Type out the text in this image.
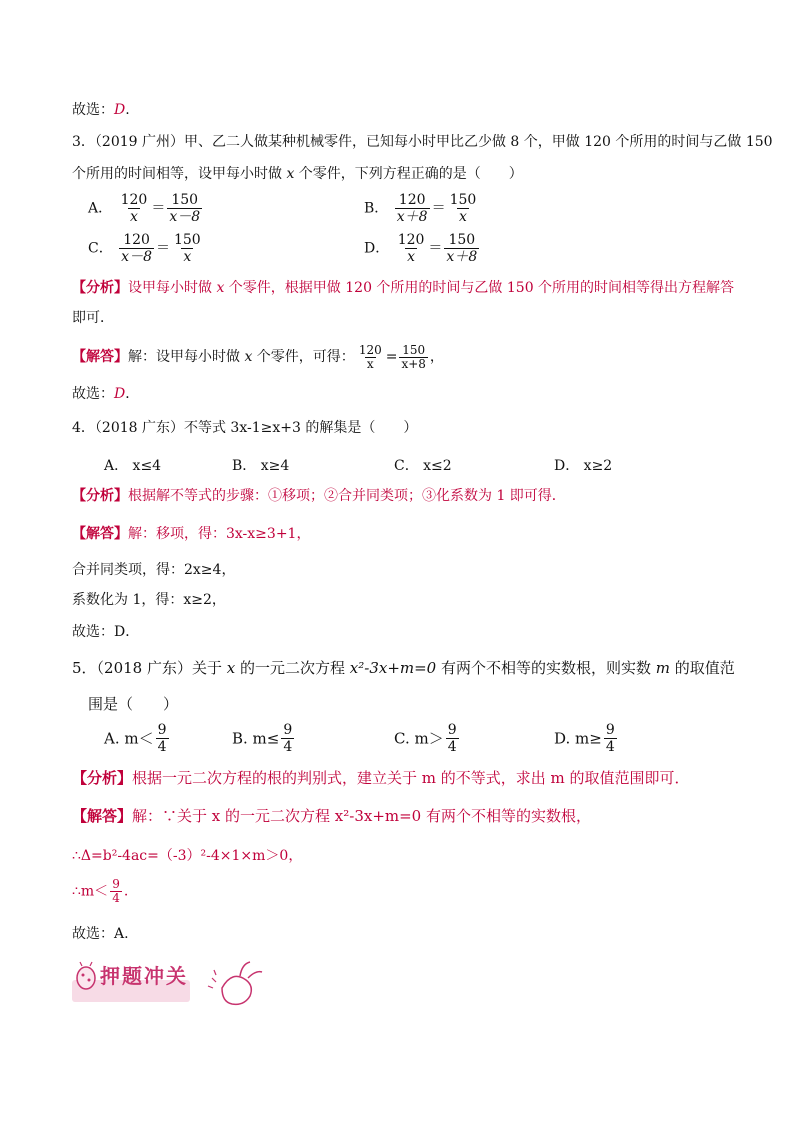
故选：D.
3．（2019 广州）甲、乙二人做某种机械零件，已知每小时甲比乙少做 8 个，甲做 120 个所用的时间与乙做 150
个所用的时间相等，设甲每小时做 x 个零件，下列方程正确的是（　　）
A． $\frac{120}{x} = \frac{150}{x-8}$	B． $\frac{120}{x+8} = \frac{150}{x}$
C． $\frac{120}{x-8} = \frac{150}{x}$	D． $\frac{120}{x} = \frac{150}{x+8}$
【分析】设甲每小时做 x 个零件，根据甲做 120 个所用的时间与乙做 150 个所用的时间相等得出方程解答
即可．
【解答】解：设甲每小时做 x 个零件，可得： $\frac{120}{x} = \frac{150}{x+8}$ ，
故选：D．
4．（2018 广东）不等式 3x-1≥x+3 的解集是（　　）
A． x≤4	B． x≥4	C． x≤2	D． x≥2
【分析】根据解不等式的步骤：①移项；②合并同类项；③化系数为 1 即可得．
【解答】解：移项，得：3x-x≥3+1，
合并同类项，得：2x≥4，
系数化为 1，得：x≥2，
故选：D．
5．（2018 广东）关于 x 的一元二次方程 x²-3x+m=0 有两个不相等的实数根，则实数 m 的取值范
围是（　　）
A. $m< \frac{9}{4}$	B. $m\le \frac{9}{4}$	C. $m> \frac{9}{4}$	D. $m\ge \frac{9}{4}$
【分析】根据一元二次方程的根的判别式，建立关于 m 的不等式，求出 m 的取值范围即可．
【解答】解：∵关于 x 的一元二次方程 x²-3x+m=0 有两个不相等的实数根，
∴Δ=b²-4ac=（-3）²-4×1×m＞0，
∴m＜ $\frac{9}{4}$ .
故选：A.
押题冲关
